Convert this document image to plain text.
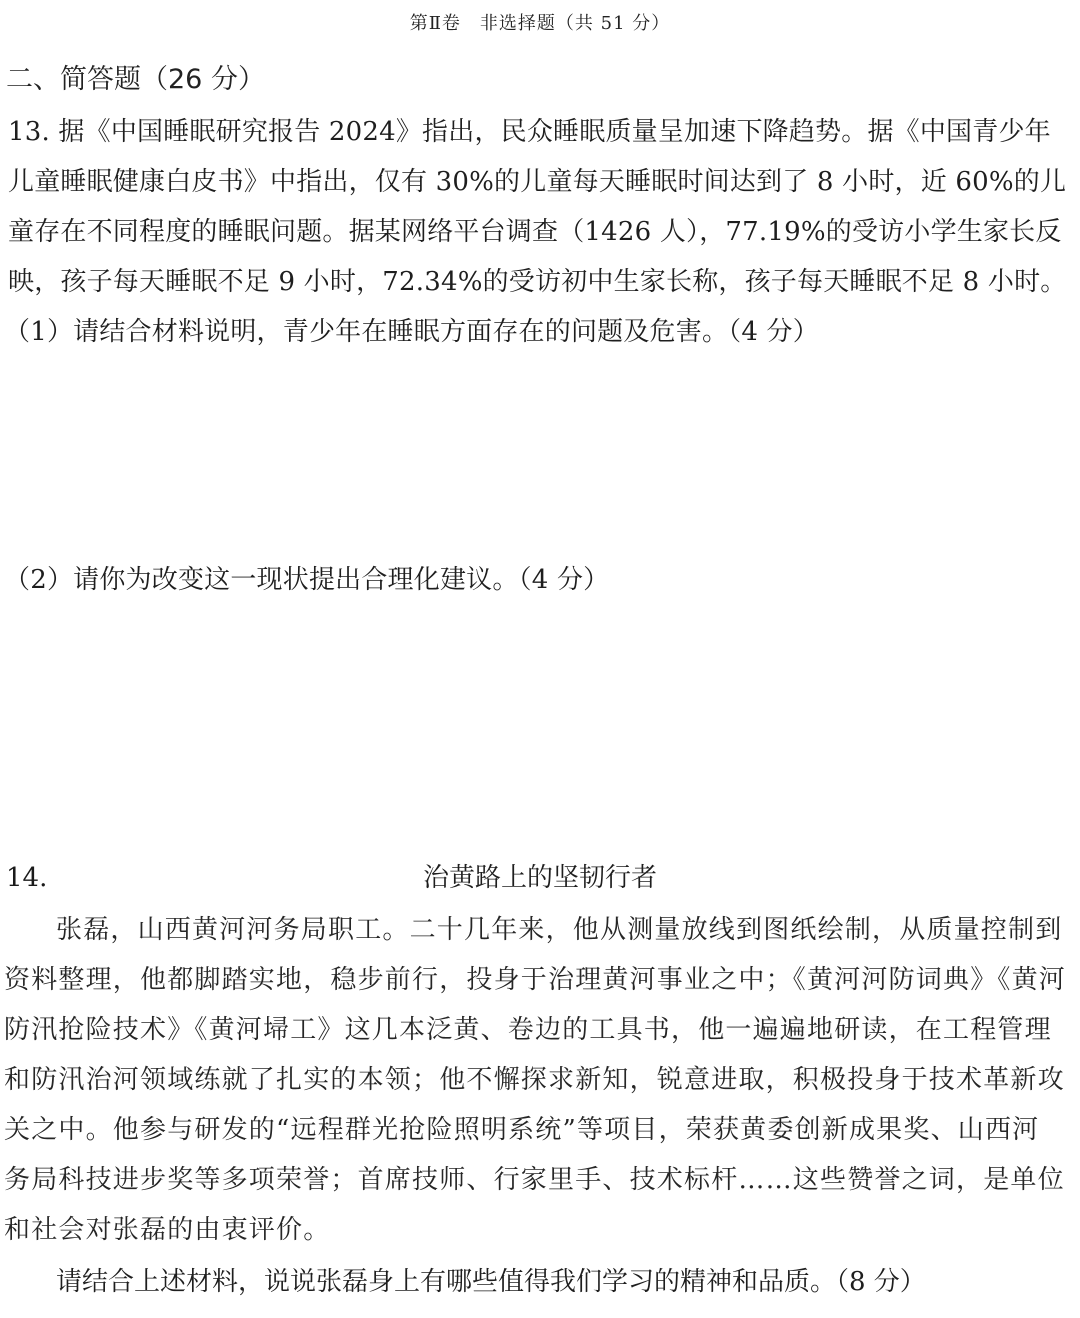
第Ⅱ卷　非选择题（共 51 分）
二、简答题（26 分）
13. 据《中国睡眠研究报告 2024》指出，民众睡眠质量呈加速下降趋势。据《中国青少年
儿童睡眠健康白皮书》中指出，仅有 30%的儿童每天睡眠时间达到了 8 小时，近 60%的儿
童存在不同程度的睡眠问题。据某网络平台调查（1426 人），77.19%的受访小学生家长反
映，孩子每天睡眠不足 9 小时，72.34%的受访初中生家长称，孩子每天睡眠不足 8 小时。
（1）请结合材料说明，青少年在睡眠方面存在的问题及危害。（4 分）
（2）请你为改变这一现状提出合理化建议。（4 分）
14.	治黄路上的坚韧行者
张磊，山西黄河河务局职工。二十几年来，他从测量放线到图纸绘制，从质量控制到
资料整理，他都脚踏实地，稳步前行，投身于治理黄河事业之中；《黄河河防词典》《黄河
防汛抢险技术》《黄河埽工》这几本泛黄、卷边的工具书，他一遍遍地研读，在工程管理
和防汛治河领域练就了扎实的本领；他不懈探求新知，锐意进取，积极投身于技术革新攻
关之中。他参与研发的“远程群光抢险照明系统”等项目，荣获黄委创新成果奖、山西河
务局科技进步奖等多项荣誉；首席技师、行家里手、技术标杆……这些赞誉之词，是单位
和社会对张磊的由衷评价。
请结合上述材料，说说张磊身上有哪些值得我们学习的精神和品质。（8 分）
